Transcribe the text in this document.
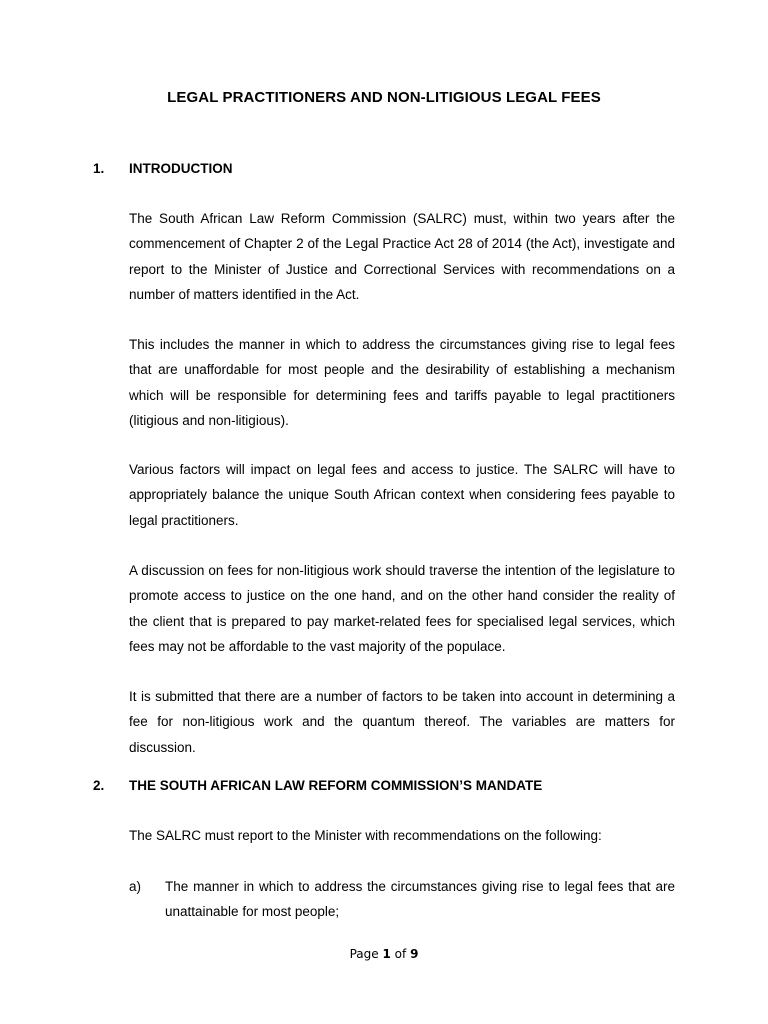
LEGAL PRACTITIONERS AND NON-LITIGIOUS LEGAL FEES
1. INTRODUCTION

The South African Law Reform Commission (SALRC) must, within two years after the commencement of Chapter 2 of the Legal Practice Act 28 of 2014 (the Act), investigate and report to the Minister of Justice and Correctional Services with recommendations on a number of matters identified in the Act.

This includes the manner in which to address the circumstances giving rise to legal fees that are unaffordable for most people and the desirability of establishing a mechanism which will be responsible for determining fees and tariffs payable to legal practitioners (litigious and non-litigious).

Various factors will impact on legal fees and access to justice. The SALRC will have to appropriately balance the unique South African context when considering fees payable to legal practitioners.

A discussion on fees for non-litigious work should traverse the intention of the legislature to promote access to justice on the one hand, and on the other hand consider the reality of the client that is prepared to pay market-related fees for specialised legal services, which fees may not be affordable to the vast majority of the populace.

It is submitted that there are a number of factors to be taken into account in determining a fee for non-litigious work and the quantum thereof. The variables are matters for discussion.

2. THE SOUTH AFRICAN LAW REFORM COMMISSION’S MANDATE

The SALRC must report to the Minister with recommendations on the following:

a) The manner in which to address the circumstances giving rise to legal fees that are unattainable for most people;
Page 1 of 9
